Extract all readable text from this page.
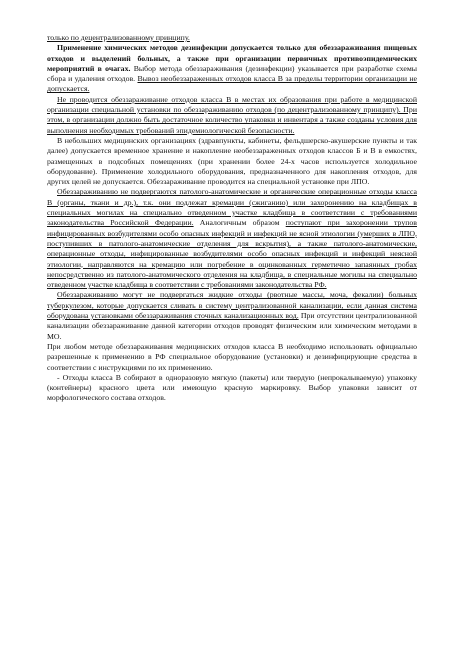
только по децентрализованному принципу.

Применение химических методов дезинфекции допускается только для обеззараживания пищевых отходов и выделений больных, а также при организации первичных противоэпидемических мероприятий в очагах. Выбор метода обеззараживания (дезинфекции) указывается при разработке схемы сбора и удаления отходов. Вывоз необеззараженных отходов класса В за пределы территории организации не допускается.

Не проводится обеззараживание отходов класса В в местах их образования при работе в медицинской организации специальной установки по обеззараживанию отходов (по децентрализованному принципу). При этом, в организации должно быть достаточное количество упаковки и инвентаря а также созданы условия для выполнения необходимых требований эпидемиологической безопасности.

В небольших медицинских организациях (здравпункты, кабинеты, фельдшерско-акушерские пункты и так далее) допускается временное хранение и накопление необеззараженных отходов классов Б и В в емкостях, размещенных в подсобных помещениях (при хранении более 24-х часов используется холодильное оборудование). Применение холодильного оборудования, предназначенного для накопления отходов, для других целей не допускается. Обеззараживание проводится на специальной установке при ЛПО.

Обеззараживанию не подвергаются патолого-анатомические и органические операционные отходы класса В (органы, ткани и др.), т.к. они подлежат кремации (сжиганию) или захоронению на кладбищах в специальных могилах на специально отведенном участке кладбища в соответствии с требованиями законодательства Российской Федерации. Аналогичным образом поступают при захоронении трупов инфицированных возбудителями особо опасных инфекций и инфекций не ясной этиологии (умерших в ЛПО, поступивших в патолого-анатомические отделения для вскрытия), а также патолого-анатомические, операционные отходы, инфицированные возбудителями особо опасных инфекций и инфекций неясной этиологии, направляются на кремацию или погребение в оцинкованных герметично запаянных гробах непосредственно из патолого-анатомического отделения на кладбища, в специальные могилы на специально отведенном участке кладбища в соответствии с требованиями законодательства РФ.

Обеззараживанию могут не подвергаться жидкие отходы (рвотные массы, моча, фекалии) больных туберкулезом, которые допускается сливать в систему централизованной канализации, если данная система оборудована установками обеззараживания сточных канализационных вод. При отсутствии централизованной канализации обеззараживание данной категории отходов проводят физическим или химическим методами в МО.

При любом методе обеззараживания медицинских отходов класса В необходимо использовать официально разрешенные к применению в РФ специальное оборудование (установки) и дезинфицирующие средства в соответствии с инструкциями по их применению.

- Отходы класса В собирают в одноразовую мягкую (пакеты) или твердую (непрокалываемую) упаковку (контейнеры) красного цвета или имеющую красную маркировку. Выбор упаковки зависит от морфологического состава отходов.
